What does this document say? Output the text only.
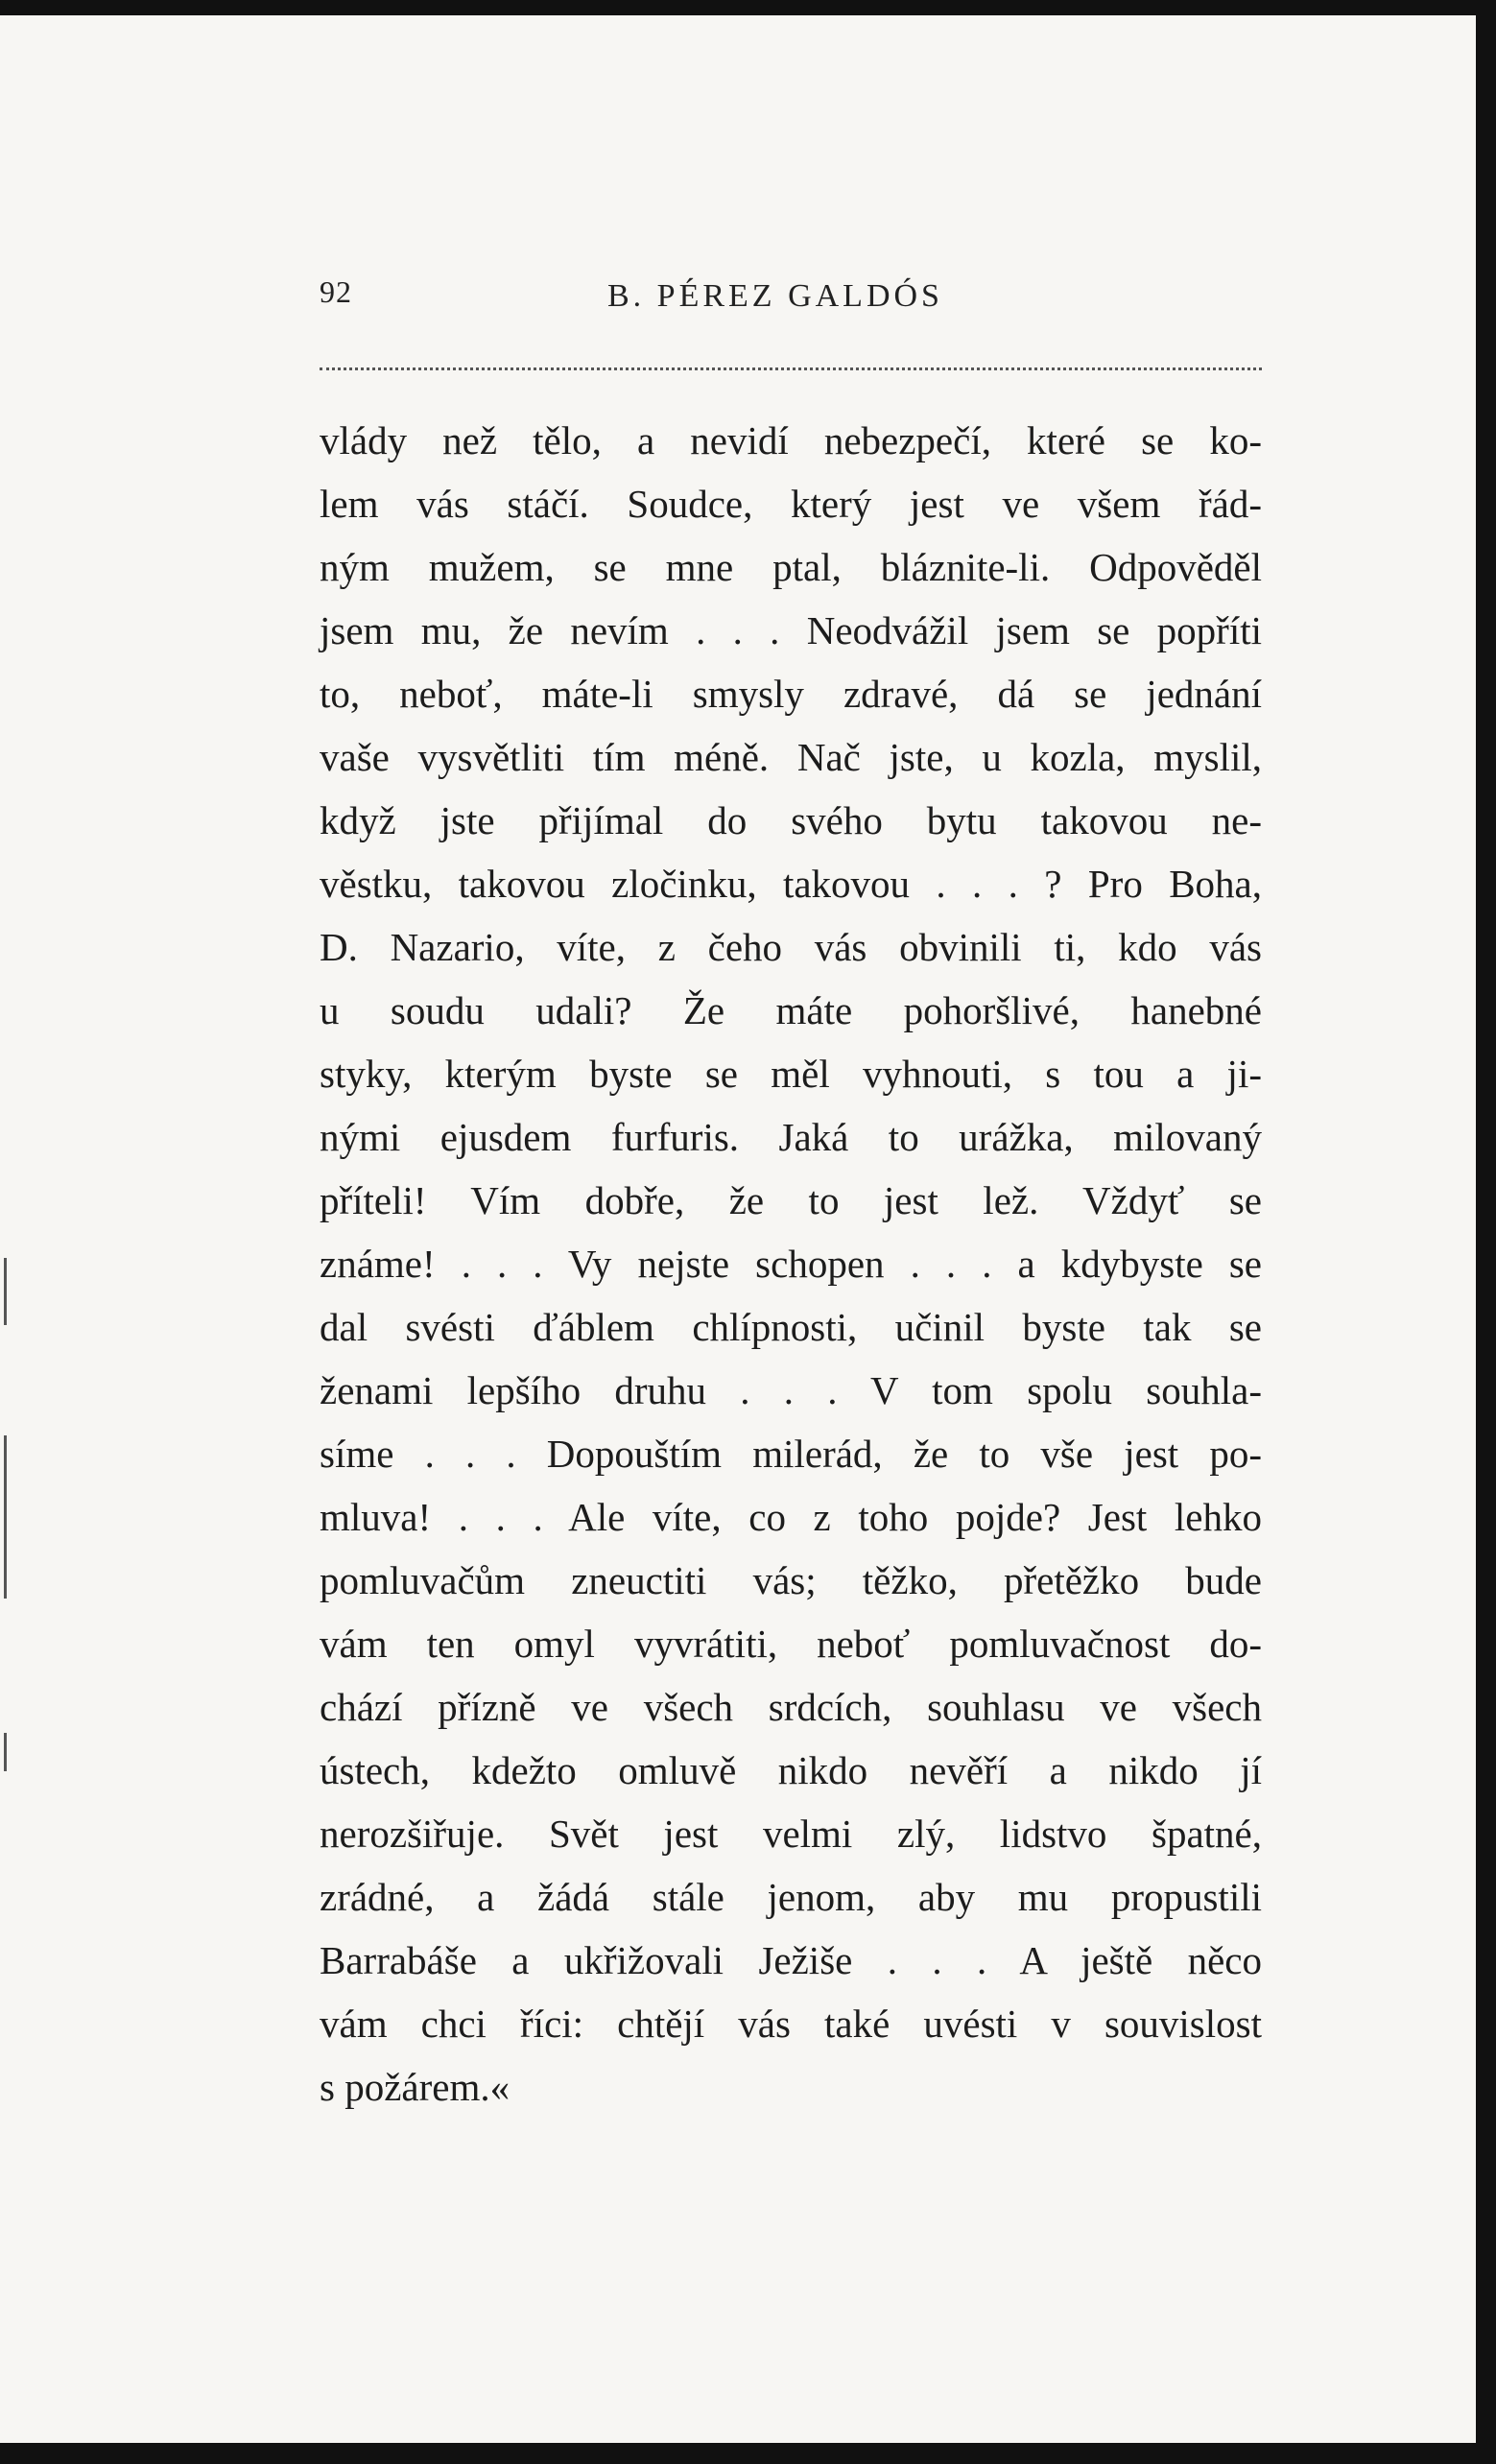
92	B. PÉREZ GALDÓS
vlády než tělo, a nevidí nebezpečí, které se ko-
lem vás stáčí. Soudce, který jest ve všem řád-
ným mužem, se mne ptal, bláznite-li. Odpověděl
jsem mu, že nevím . . . Neodvážil jsem se popříti
to, neboť, máte-li smysly zdravé, dá se jednání
vaše vysvětliti tím méně. Nač jste, u kozla, myslil,
když jste přijímal do svého bytu takovou ne-
věstku, takovou zločinku, takovou . . . ? Pro Boha,
D. Nazario, víte, z čeho vás obvinili ti, kdo vás
u soudu udali? Že máte pohoršlivé, hanebné
styky, kterým byste se měl vyhnouti, s tou a ji-
nými ejusdem furfuris. Jaká to urážka, milovaný
příteli! Vím dobře, že to jest lež. Vždyť se
známe! . . . Vy nejste schopen . . . a kdybyste se
dal svésti ďáblem chlípnosti, učinil byste tak se
ženami lepšího druhu . . . V tom spolu souhla-
síme . . . Dopouštím milerád, že to vše jest po-
mluva! . . . Ale víte, co z toho pojde? Jest lehko
pomluvačům zneuctiti vás; těžko, přetěžko bude
vám ten omyl vyvrátiti, neboť pomluvačnost do-
chází přízně ve všech srdcích, souhlasu ve všech
ústech, kdežto omluvě nikdo nevěří a nikdo jí
nerozšiřuje. Svět jest velmi zlý, lidstvo špatné,
zrádné, a žádá stále jenom, aby mu propustili
Barrabáše a ukřižovali Ježiše . . . A ještě něco
vám chci říci: chtějí vás také uvésti v souvislost
s požárem.«
